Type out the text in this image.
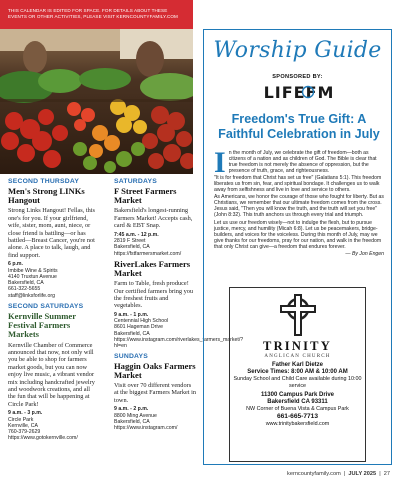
THIS CALENDAR IS EDITED FOR SPACE. FOR DETAILS ABOUT THESE EVENTS OR OTHER ACTIVITIES, PLEASE VISIT KERNCOUNTYFAMILY.COM
SECOND THURSDAY
Men's Strong LINKs Hangout
Strong Links Hangout! Fellas, this one's for you. If your girlfriend, wife, sister, mom, aunt, niece, or close friend is battling—or has battled—Breast Cancer, you're not alone. A place to talk, laugh, and find support.
6 p.m.
Imbibe Wine & Spirits
4140 Truxtun Avenue
Bakersfield, CA
661-322-5655
staff@linksforlife.org
SECOND SATURDAYS
Kernville Summer Festival Farmers Markets
Kernville Chamber of Commerce announced that now, not only will you be able to shop for farmers market goods, but you can now enjoy live music, a vibrant vendor mix including handcrafted jewelry and woodwork creations, and all the fun that will be happening at Circle Park!
9 a.m. - 3 p.m.
Circle Park
Kernville, CA
760-379-2629
https://www.gotokernville.com/
SATURDAYS
F Street Farmers Market
Bakersfield's longest-running Farmers Market! Accepts cash, card & EBT Snap.
7:45 a.m. - 12 p.m.
2819 F Street
Bakersfield, CA
https://fstfarmersmarket.com/
RiverLakes Farmers Market
Farm to Table, fresh produce! Our certified farmers bring you the freshest fruits and vegetables.
9 a.m. - 1 p.m.
Centennial High School
8601 Hageman Drive
Bakersfield, CA
https://www.instagram.com/riverlakes_farmers_market/?hl=en
SUNDAYS
Haggin Oaks Farmers Market
Visit over 70 different vendors at the biggest Farmers Market in town.
9 a.m. - 2 p.m.
8800 Ming Avenue
Bakersfield, CA
https://www.instagram.com/
Worship Guide
SPONSORED BY:
LIFEFM
Freedom's True Gift: A Faithful Celebration in July
I n the month of July, we celebrate the gift of freedom—both as citizens of a nation and as children of God. The Bible is clear that true freedom is not merely the absence of oppression, but the presence of truth, grace, and righteousness.

"It is for freedom that Christ has set us free" (Galatians 5:1). This freedom liberates us from sin, fear, and spiritual bondage. It challenges us to walk away from selfishness and live in love and service to others.

As Americans, we honor the courage of those who fought for liberty. But as Christians, we remember that our ultimate freedom comes from the cross. Jesus said, "Then you will know the truth, and the truth will set you free" (John 8:32). This truth anchors us through every trial and triumph.

Let us use our freedom wisely—not to indulge the flesh, but to pursue justice, mercy, and humility (Micah 6:8). Let us be peacemakers, bridge-builders, and voices for the voiceless. During this month of July, may we give thanks for our freedoms, pray for our nation, and walk in the freedom that only Christ can give—a freedom that endures forever.

— By Jon Engen
TRINITY
ANGLICAN CHURCH
Father Karl Dietze
Service Times: 8:00 AM & 10:00 AM
Sunday School and Child Care available during 10:00 service
11300 Campus Park Drive
Bakersfield CA 93311
NW Corner of Buena Vista & Campus Park
661-665-7713
www.trinitybakersfield.com
kerncountyfamily.com  |  JULY 2025  |  27
